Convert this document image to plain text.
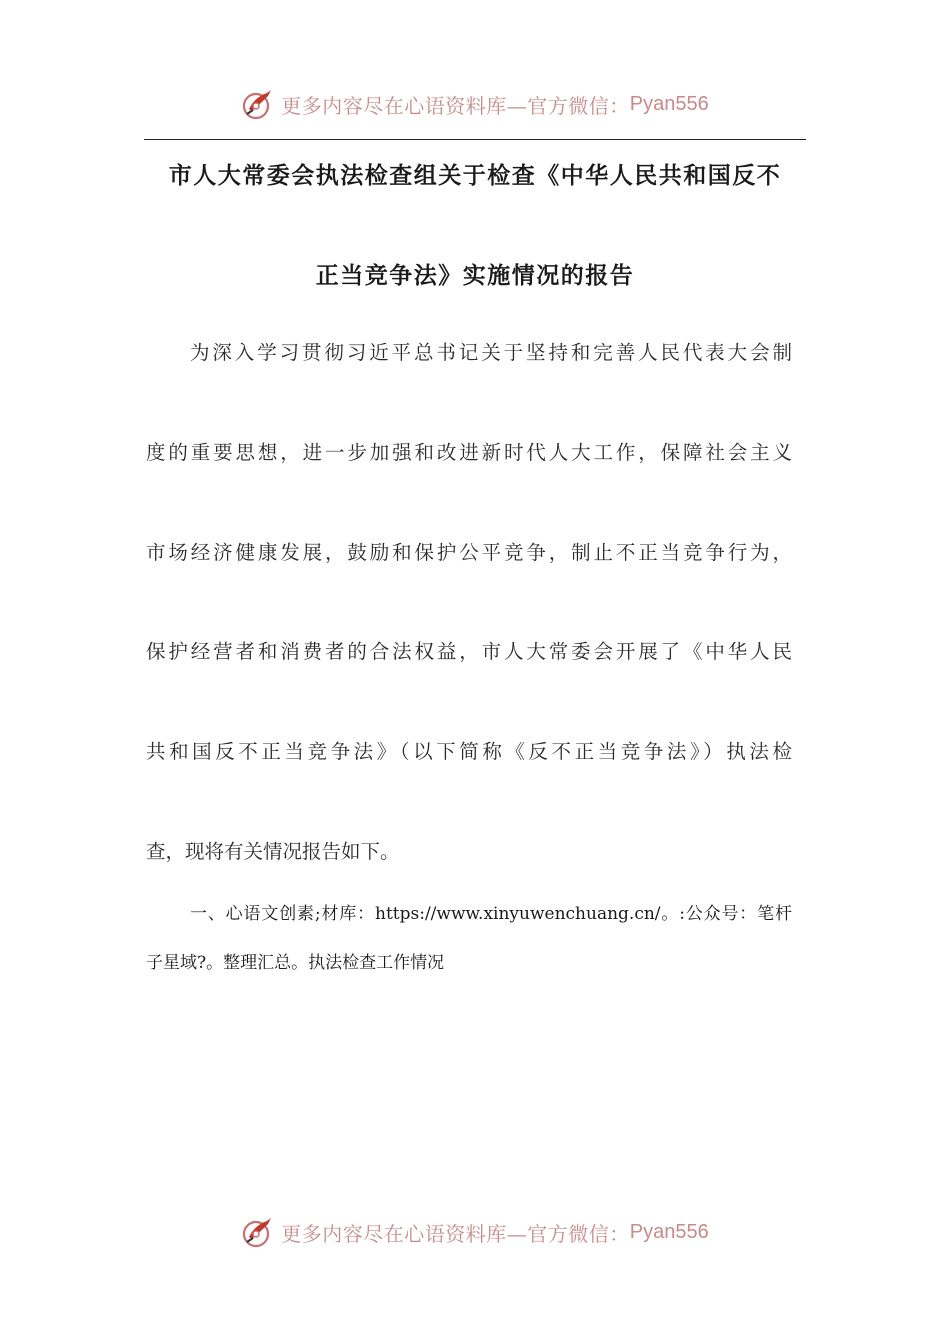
更多内容尽在心语资料库—官方微信： Pyan556
市人大常委会执法检查组关于检查《中华人民共和国反不
正当竞争法》实施情况的报告
为深入学习贯彻习近平总书记关于坚持和完善人民代表大会制
度的重要思想，进一步加强和改进新时代人大工作，保障社会主义
市场经济健康发展，鼓励和保护公平竞争，制止不正当竞争行为，
保护经营者和消费者的合法权益，市人大常委会开展了《中华人民
共和国反不正当竞争法》（以下简称《反不正当竞争法》）执法检
查，现将有关情况报告如下。
一、心语文创素;材库：https://www.xinyuwenchuang.cn/。:公众号：笔杆
子星域?。整理汇总。执法检查工作情况
更多内容尽在心语资料库—官方微信： Pyan556
